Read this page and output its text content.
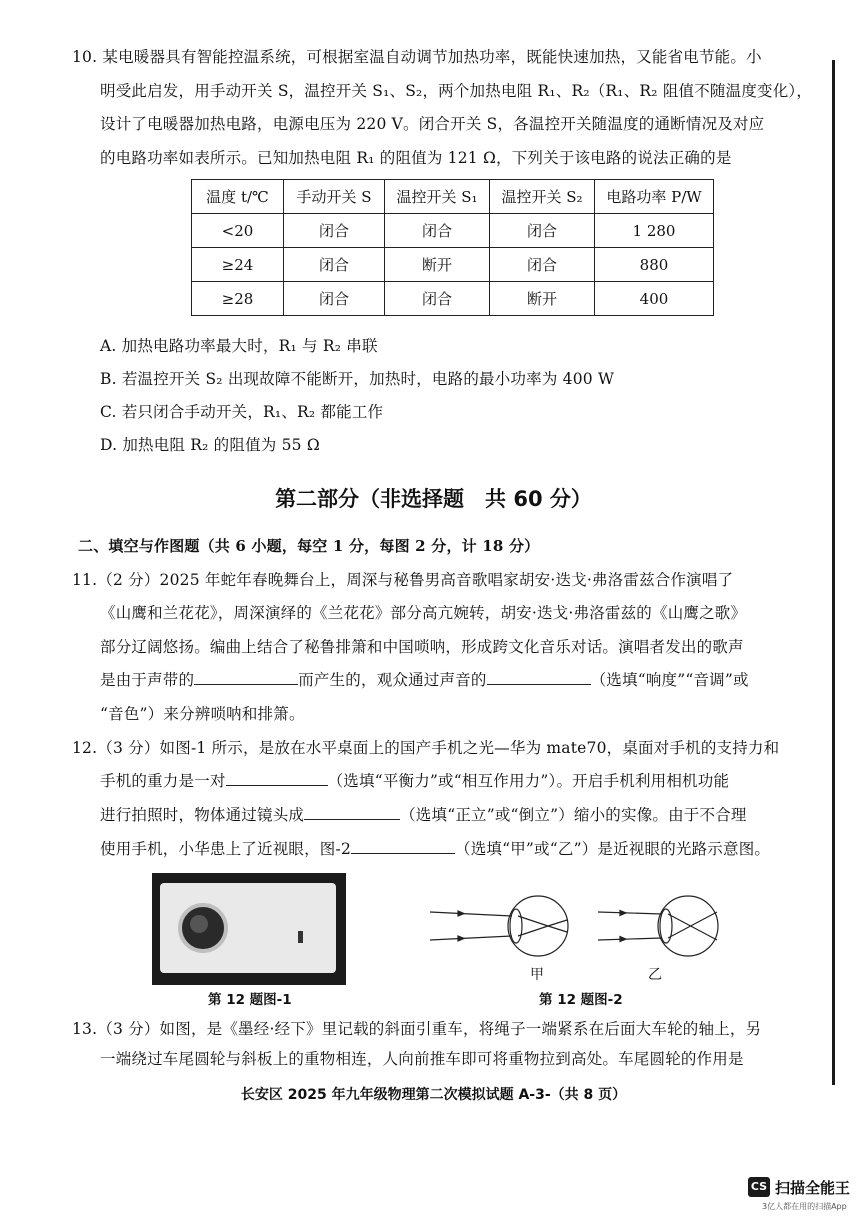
10. 某电暖器具有智能控温系统，可根据室温自动调节加热功率，既能快速加热，又能省电节能。小
明受此启发，用手动开关 S，温控开关 S₁、S₂，两个加热电阻 R₁、R₂（R₁、R₂ 阻值不随温度变化），
设计了电暖器加热电路，电源电压为 220 V。闭合开关 S，各温控开关随温度的通断情况及对应
的电路功率如表所示。已知加热电阻 R₁ 的阻值为 121 Ω，下列关于该电路的说法正确的是
温度 t/℃	手动开关 S	温控开关 S₁	温控开关 S₂	电路功率 P/W
<20	闭合	闭合	闭合	1 280
≥24	闭合	断开	闭合	880
≥28	闭合	闭合	断开	400
A. 加热电路功率最大时，R₁ 与 R₂ 串联
B. 若温控开关 S₂ 出现故障不能断开，加热时，电路的最小功率为 400 W
C. 若只闭合手动开关，R₁、R₂ 都能工作
D. 加热电阻 R₂ 的阻值为 55 Ω
第二部分（非选择题　共 60 分）
二、填空与作图题（共 6 小题，每空 1 分，每图 2 分，计 18 分）
11.（2 分）2025 年蛇年春晚舞台上，周深与秘鲁男高音歌唱家胡安·迭戈·弗洛雷兹合作演唱了
《山鹰和兰花花》，周深演绎的《兰花花》部分高亢婉转，胡安·迭戈·弗洛雷兹的《山鹰之歌》
部分辽阔悠扬。编曲上结合了秘鲁排箫和中国唢呐，形成跨文化音乐对话。演唱者发出的歌声
是由于声带的	而产生的，观众通过声音的	（选填“响度”“音调”或
“音色”）来分辨唢呐和排箫。
12.（3 分）如图-1 所示，是放在水平桌面上的国产手机之光—华为 mate70，桌面对手机的支持力和
手机的重力是一对	（选填“平衡力”或“相互作用力”）。开启手机利用相机功能
进行拍照时，物体通过镜头成	（选填“正立”或“倒立”）缩小的实像。由于不合理
使用手机，小华患上了近视眼，图-2	（选填“甲”或“乙”）是近视眼的光路示意图。
第 12 题图-1
甲	乙
第 12 题图-2
13.（3 分）如图，是《墨经·经下》里记载的斜面引重车，将绳子一端紧系在后面大车轮的轴上，另
一端绕过车尾圆轮与斜板上的重物相连，人向前推车即可将重物拉到高处。车尾圆轮的作用是
长安区 2025 年九年级物理第二次模拟试题 A-3-（共 8 页）
CS 扫描全能王
3亿人都在用的扫描App
